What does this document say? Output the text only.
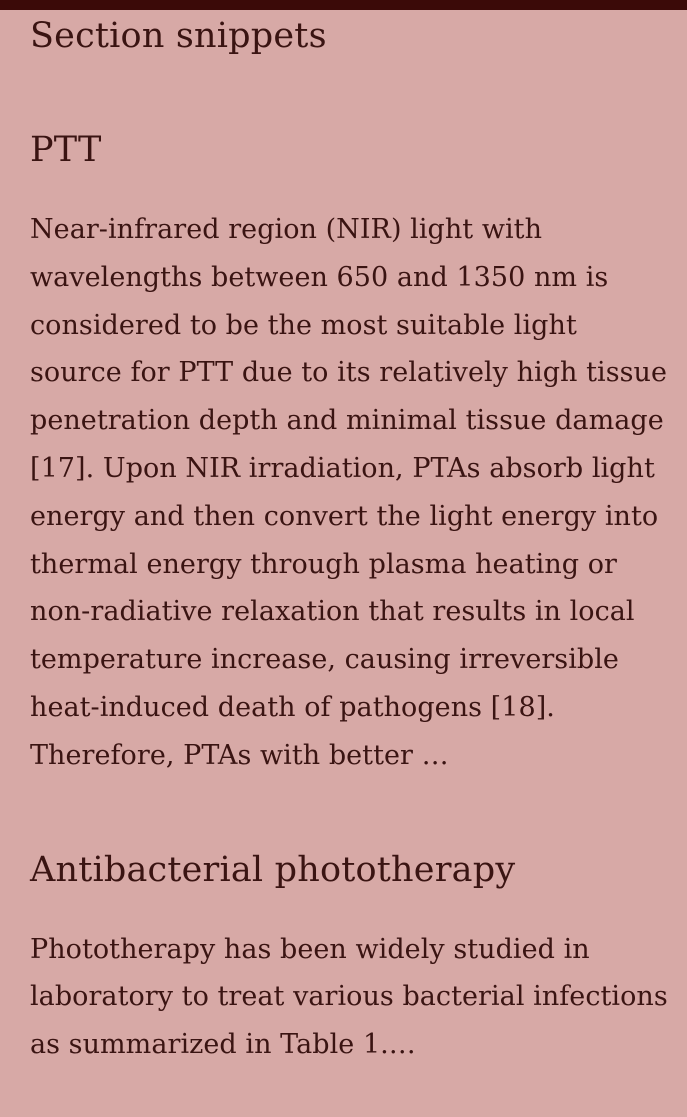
Section snippets
PTT

Near-infrared region (NIR) light with
wavelengths between 650 and 1350 nm is
considered to be the most suitable light
source for PTT due to its relatively high tissue
penetration depth and minimal tissue damage
[17]. Upon NIR irradiation, PTAs absorb light
energy and then convert the light energy into
thermal energy through plasma heating or
non-radiative relaxation that results in local
temperature increase, causing irreversible
heat-induced death of pathogens [18].
Therefore, PTAs with better …

Antibacterial phototherapy

Phototherapy has been widely studied in
laboratory to treat various bacterial infections
as summarized in Table 1.…
